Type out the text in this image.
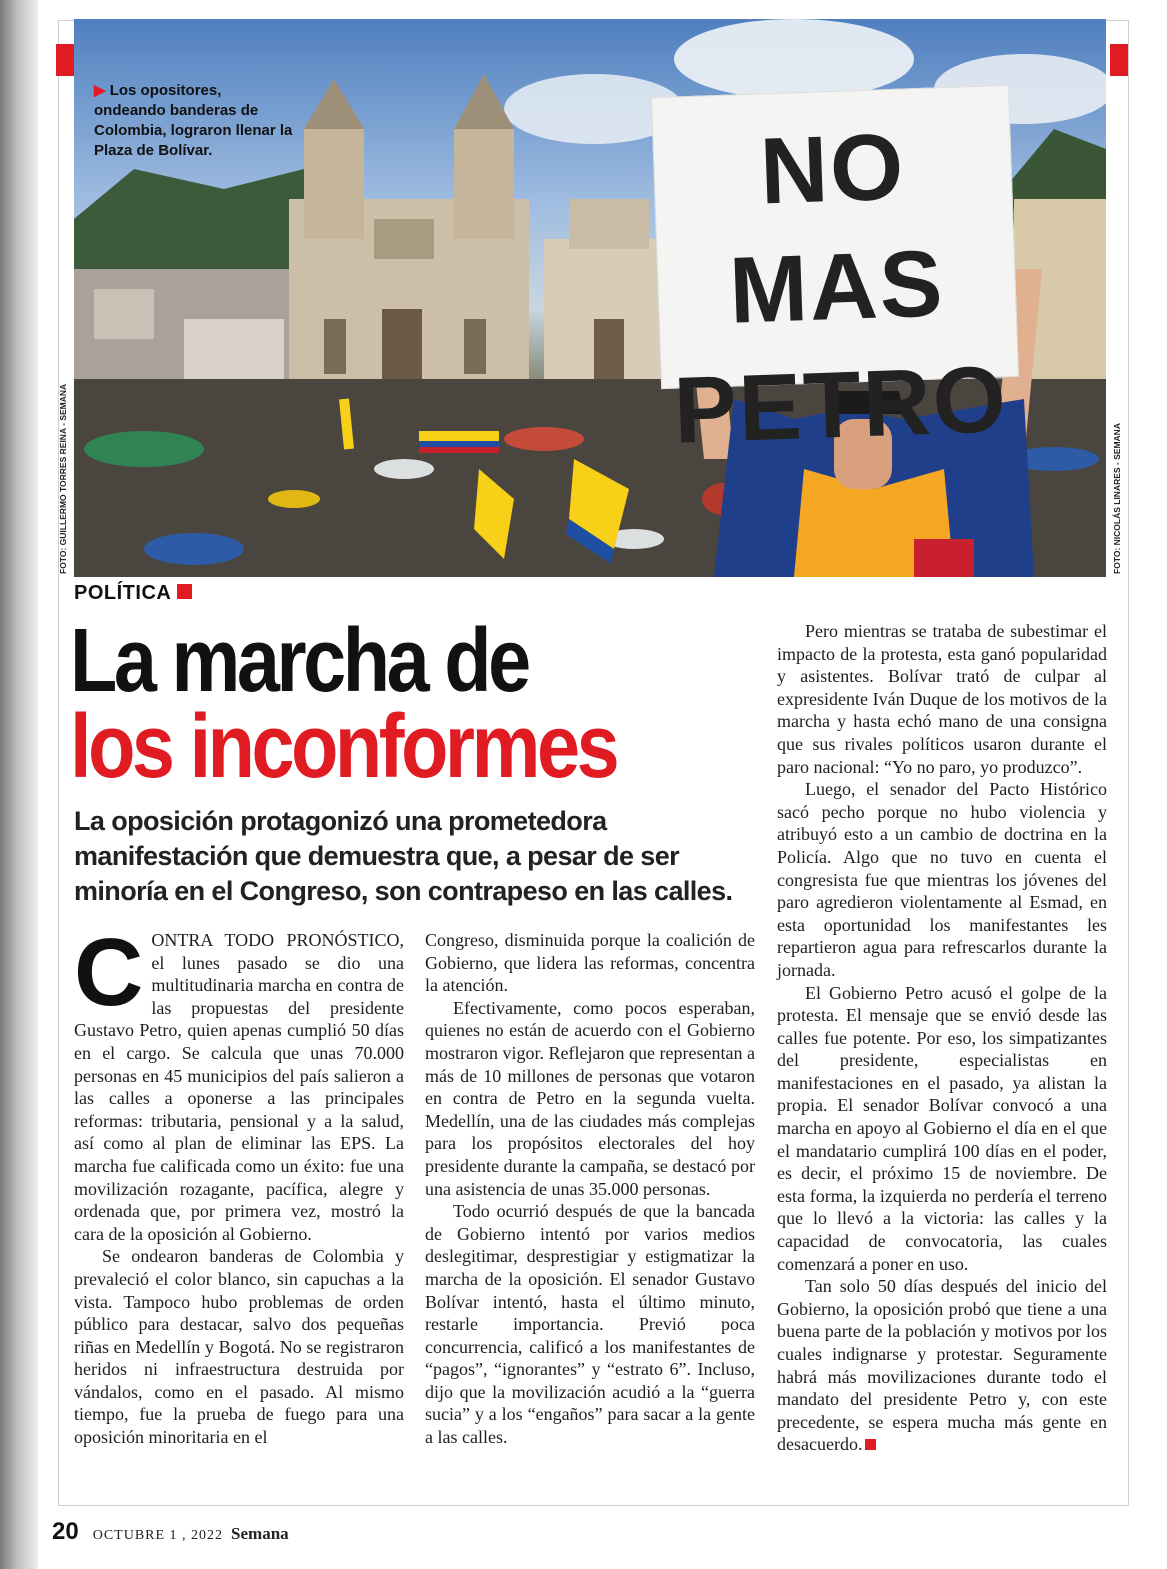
▶ Los opositores, ondeando banderas de Colombia, lograron llenar la Plaza de Bolívar.	NO MAS
PETRO
FOTO: GUILLERMO TORRES REINA - SEMANA	FOTO: NICOLÁS LINARES - SEMANA
POLÍTICA
La marcha de
los inconformes
La oposición protagonizó una prometedora manifestación que demuestra que, a pesar de ser minoría en el Congreso, son contrapeso en las calles.

CONTRA TODO PRONÓSTICO, el lunes pasado se dio una multitudinaria marcha en contra de las propuestas del presidente Gustavo Petro, quien apenas cumplió 50 días en el cargo. Se calcula que unas 70.000 personas en 45 municipios del país salieron a las calles a oponerse a las principales reformas: tributaria, pensional y a la salud, así como al plan de eliminar las EPS. La marcha fue calificada como un éxito: fue una movilización rozagante, pacífica, alegre y ordenada que, por primera vez, mostró la cara de la oposición al Gobierno.

Se ondearon banderas de Colombia y prevaleció el color blanco, sin capuchas a la vista. Tampoco hubo problemas de orden público para destacar, salvo dos pequeñas riñas en Medellín y Bogotá. No se registraron heridos ni infraestructura destruida por vándalos, como en el pasado. Al mismo tiempo, fue la prueba de fuego para una oposición minoritaria en el

Congreso, disminuida porque la coalición de Gobierno, que lidera las reformas, concentra la atención.

Efectivamente, como pocos esperaban, quienes no están de acuerdo con el Gobierno mostraron vigor. Reflejaron que representan a más de 10 millones de personas que votaron en contra de Petro en la segunda vuelta. Medellín, una de las ciudades más complejas para los propósitos electorales del hoy presidente durante la campaña, se destacó por una asistencia de unas 35.000 personas.

Todo ocurrió después de que la bancada de Gobierno intentó por varios medios deslegitimar, desprestigiar y estigmatizar la marcha de la oposición. El senador Gustavo Bolívar intentó, hasta el último minuto, restarle importancia. Previó poca concurrencia, calificó a los manifestantes de “pagos”, “ignorantes” y “estrato 6”. Incluso, dijo que la movilización acudió a la “guerra sucia” y a los “engaños” para sacar a la gente a las calles.

Pero mientras se trataba de subestimar el impacto de la protesta, esta ganó popularidad y asistentes. Bolívar trató de culpar al expresidente Iván Duque de los motivos de la marcha y hasta echó mano de una consigna que sus rivales políticos usaron durante el paro nacional: “Yo no paro, yo produzco”.

Luego, el senador del Pacto Histórico sacó pecho porque no hubo violencia y atribuyó esto a un cambio de doctrina en la Policía. Algo que no tuvo en cuenta el congresista fue que mientras los jóvenes del paro agredieron violentamente al Esmad, en esta oportunidad los manifestantes les repartieron agua para refrescarlos durante la jornada.

El Gobierno Petro acusó el golpe de la protesta. El mensaje que se envió desde las calles fue potente. Por eso, los simpatizantes del presidente, especialistas en manifestaciones en el pasado, ya alistan la propia. El senador Bolívar convocó a una marcha en apoyo al Gobierno el día en el que el mandatario cumplirá 100 días en el poder, es decir, el próximo 15 de noviembre. De esta forma, la izquierda no perdería el terreno que lo llevó a la victoria: las calles y la capacidad de convocatoria, las cuales comenzará a poner en uso.

Tan solo 50 días después del inicio del Gobierno, la oposición probó que tiene a una buena parte de la población y motivos por los cuales indignarse y protestar. Seguramente habrá más movilizaciones durante todo el mandato del presidente Petro y, con este precedente, se espera mucha más gente en desacuerdo.

20 OCTUBRE 1 , 2022 Semana
